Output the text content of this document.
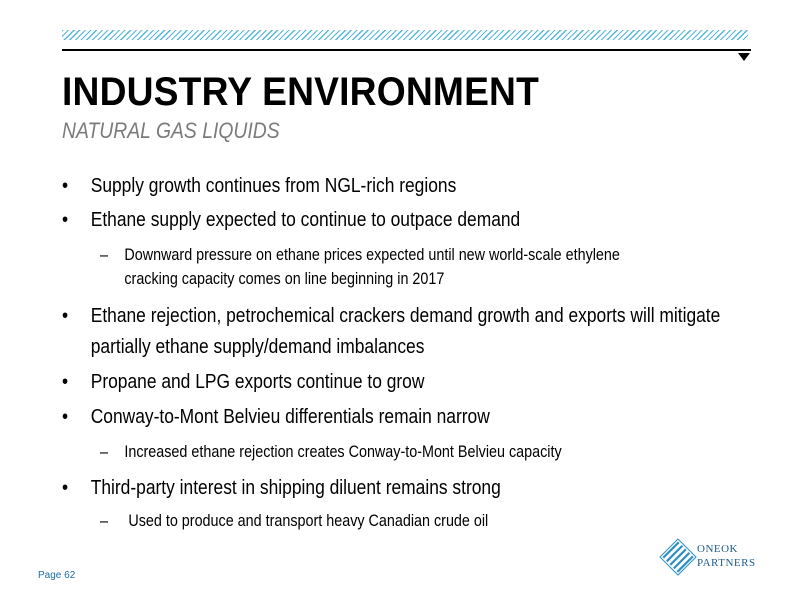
INDUSTRY ENVIRONMENT
NATURAL GAS LIQUIDS
• Supply growth continues from NGL-rich regions
• Ethane supply expected to continue to outpace demand
– Downward pressure on ethane prices expected until new world-scale ethylene
cracking capacity comes on line beginning in 2017
• Ethane rejection, petrochemical crackers demand growth and exports will mitigate
partially ethane supply/demand imbalances
• Propane and LPG exports continue to grow
• Conway-to-Mont Belvieu differentials remain narrow
– Increased ethane rejection creates Conway-to-Mont Belvieu capacity
• Third-party interest in shipping diluent remains strong
– Used to produce and transport heavy Canadian crude oil
Page 62
ONEOK
PARTNERS
